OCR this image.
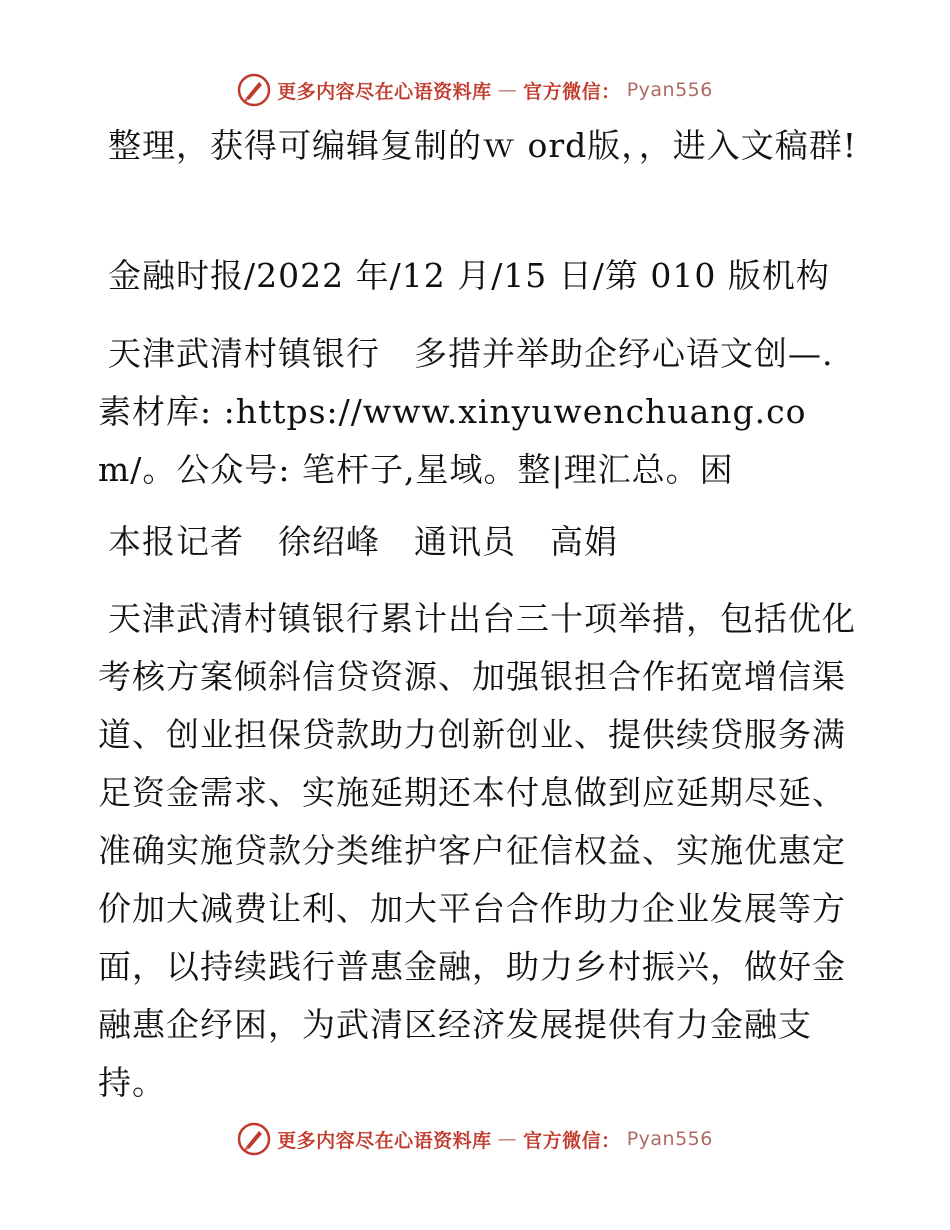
更多内容尽在心语资料库 — 官方微信： Pyan556

整理，获得可编辑复制的ｗ ord版，，进入文稿群!

金融时报/2022 年/12 月/15 日/第 010 版机构

天津武清村镇银行　多措并举助企纾心语文创—.素材库: :https://www.xinyuwenchuang.com/。公众号: 笔杆子,星域。整|理汇总。困

本报记者　徐绍峰　通讯员　高娟

天津武清村镇银行累计出台三十项举措，包括优化考核方案倾斜信贷资源、加强银担合作拓宽增信渠道、创业担保贷款助力创新创业、提供续贷服务满足资金需求、实施延期还本付息做到应延期尽延、准确实施贷款分类维护客户征信权益、实施优惠定价加大减费让利、加大平台合作助力企业发展等方面，以持续践行普惠金融，助力乡村振兴，做好金融惠企纾困，为武清区经济发展提供有力金融支持。

更多内容尽在心语资料库 — 官方微信： Pyan556
